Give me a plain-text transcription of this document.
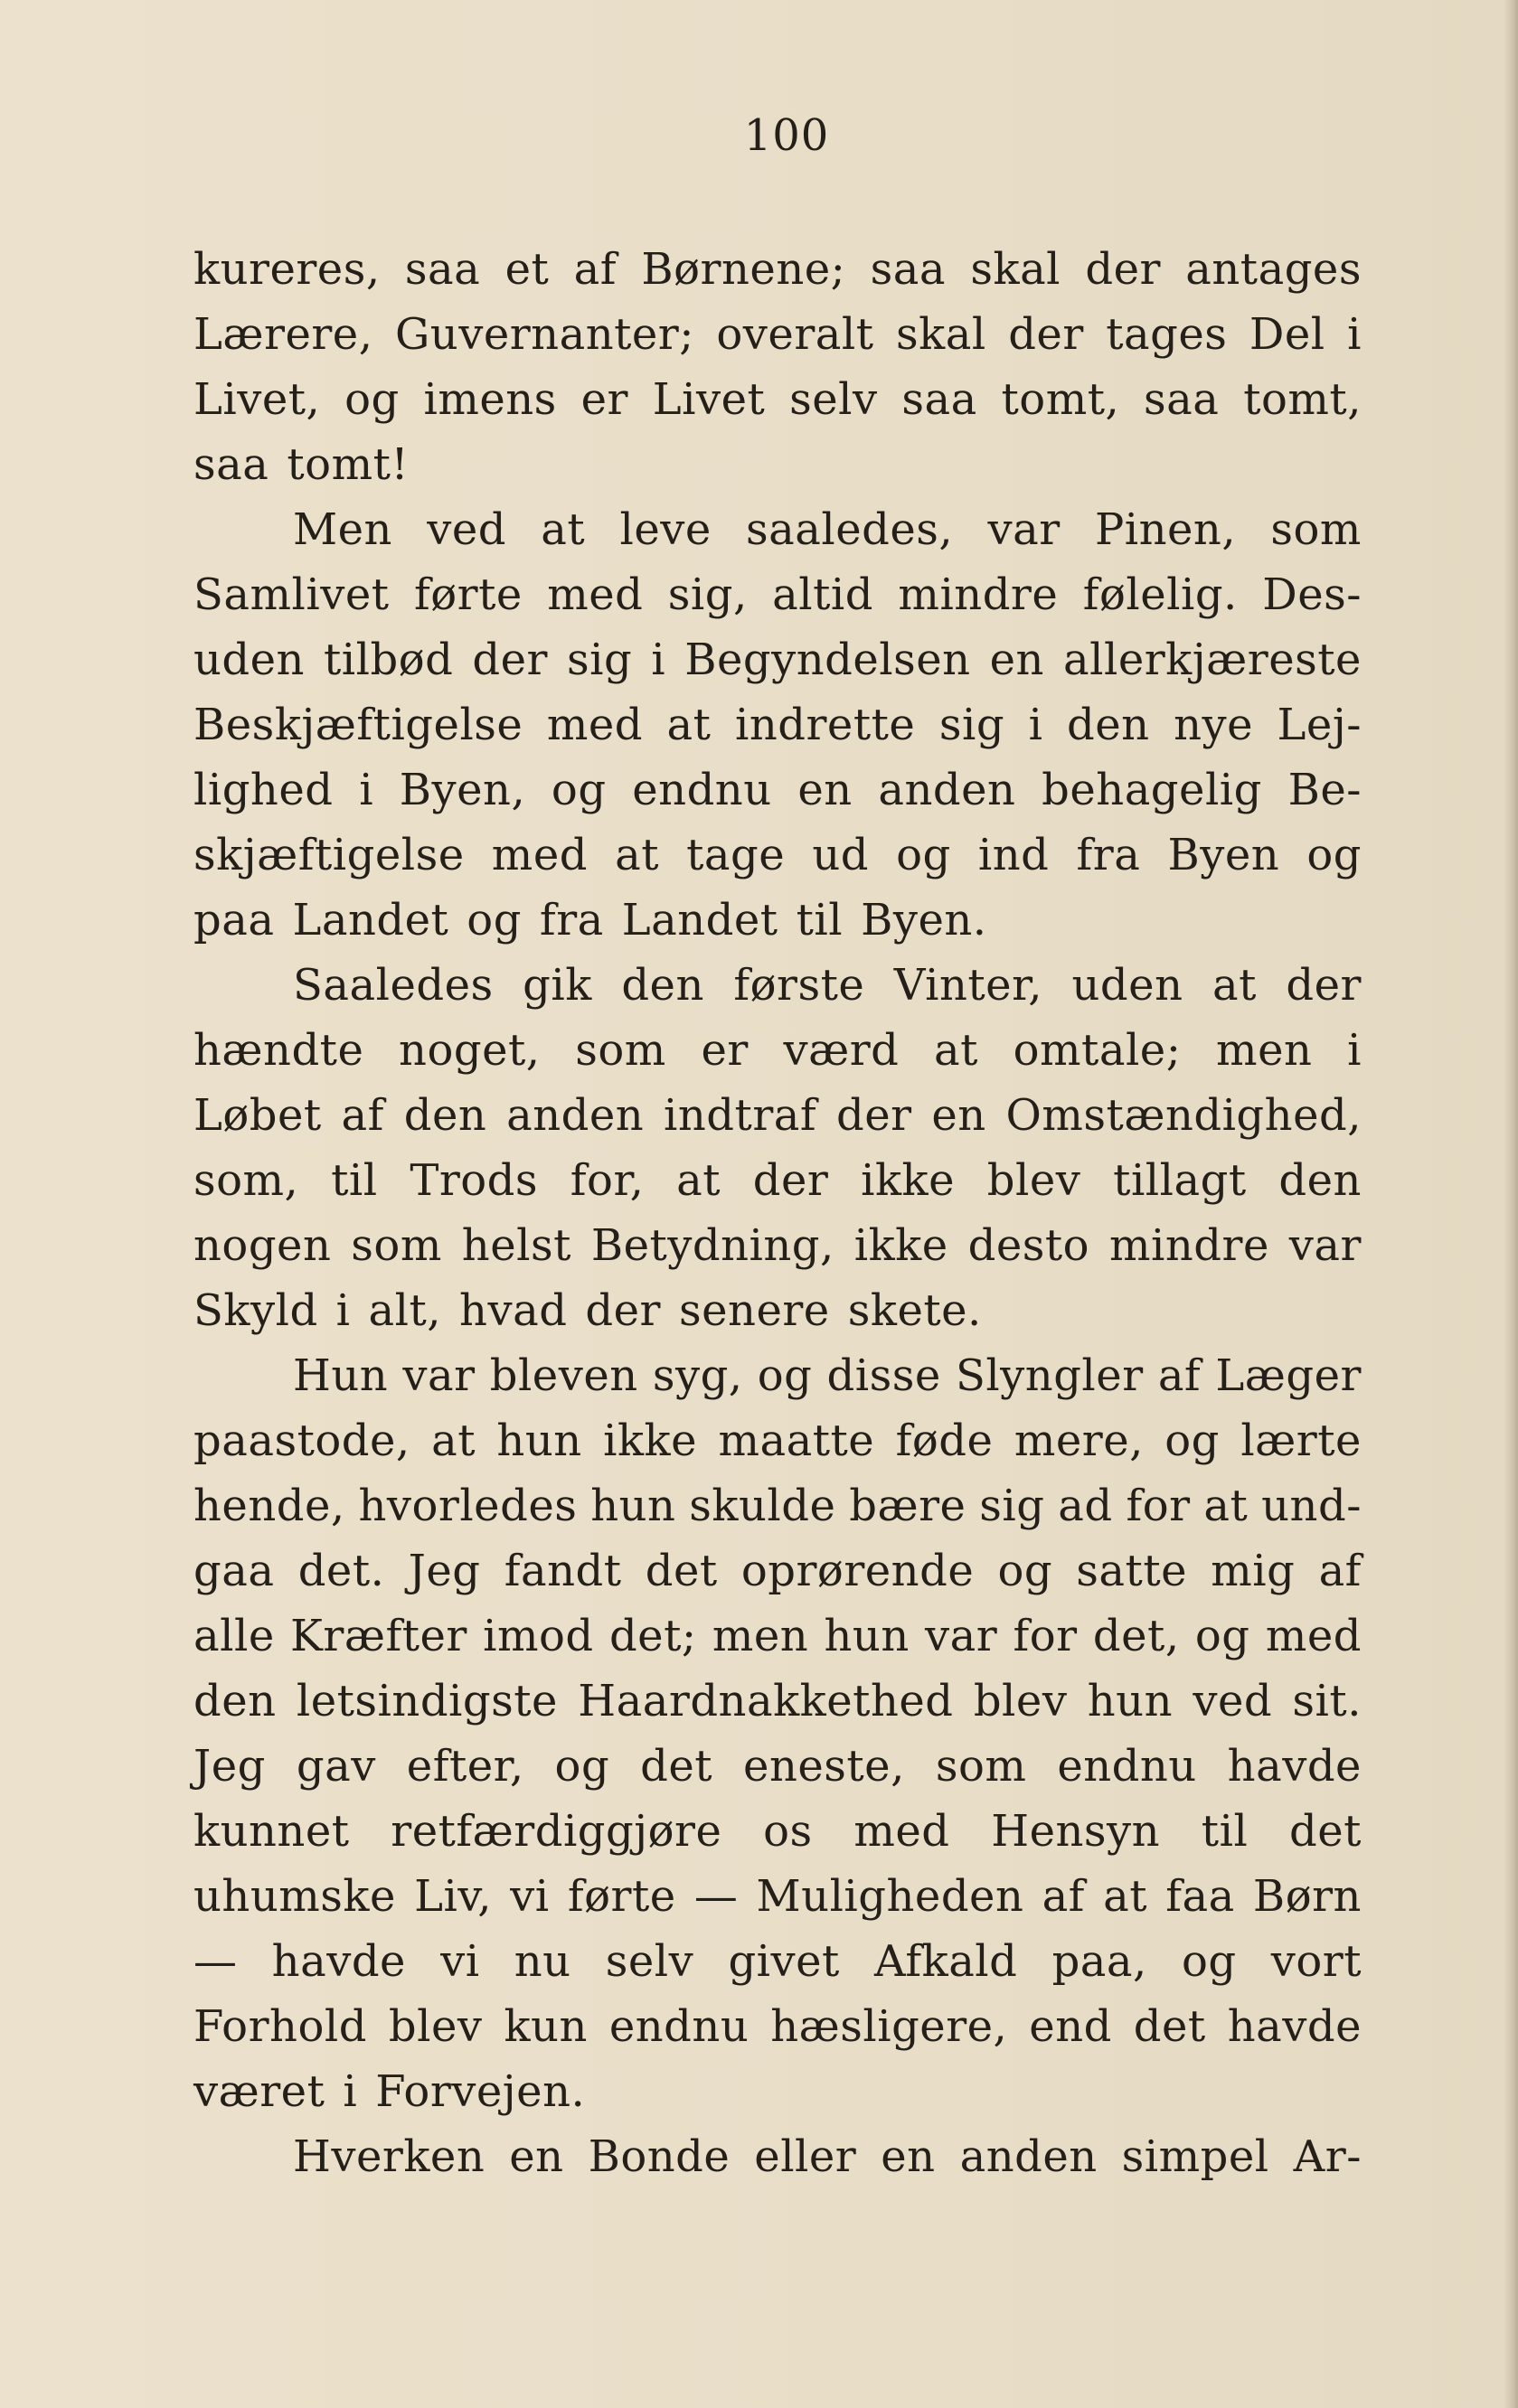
100
kureres, saa et af Børnene; saa skal der antages
Lærere, Guvernanter; overalt skal der tages Del i
Livet, og imens er Livet selv saa tomt, saa tomt,
saa tomt!
Men ved at leve saaledes, var Pinen, som
Samlivet førte med sig, altid mindre følelig. Des-
uden tilbød der sig i Begyndelsen en allerkjæreste
Beskjæftigelse med at indrette sig i den nye Lej-
lighed i Byen, og endnu en anden behagelig Be-
skjæftigelse med at tage ud og ind fra Byen og
paa Landet og fra Landet til Byen.
Saaledes gik den første Vinter, uden at der
hændte noget, som er værd at omtale; men i
Løbet af den anden indtraf der en Omstændighed,
som, til Trods for, at der ikke blev tillagt den
nogen som helst Betydning, ikke desto mindre var
Skyld i alt, hvad der senere skete.
Hun var bleven syg, og disse Slyngler af Læger
paastode, at hun ikke maatte føde mere, og lærte
hende, hvorledes hun skulde bære sig ad for at und-
gaa det. Jeg fandt det oprørende og satte mig af
alle Kræfter imod det; men hun var for det, og med
den letsindigste Haardnakkethed blev hun ved sit.
Jeg gav efter, og det eneste, som endnu havde
kunnet retfærdiggjøre os med Hensyn til det
uhumske Liv, vi førte — Muligheden af at faa Børn
— havde vi nu selv givet Afkald paa, og vort
Forhold blev kun endnu hæsligere, end det havde
været i Forvejen.
Hverken en Bonde eller en anden simpel Ar-
